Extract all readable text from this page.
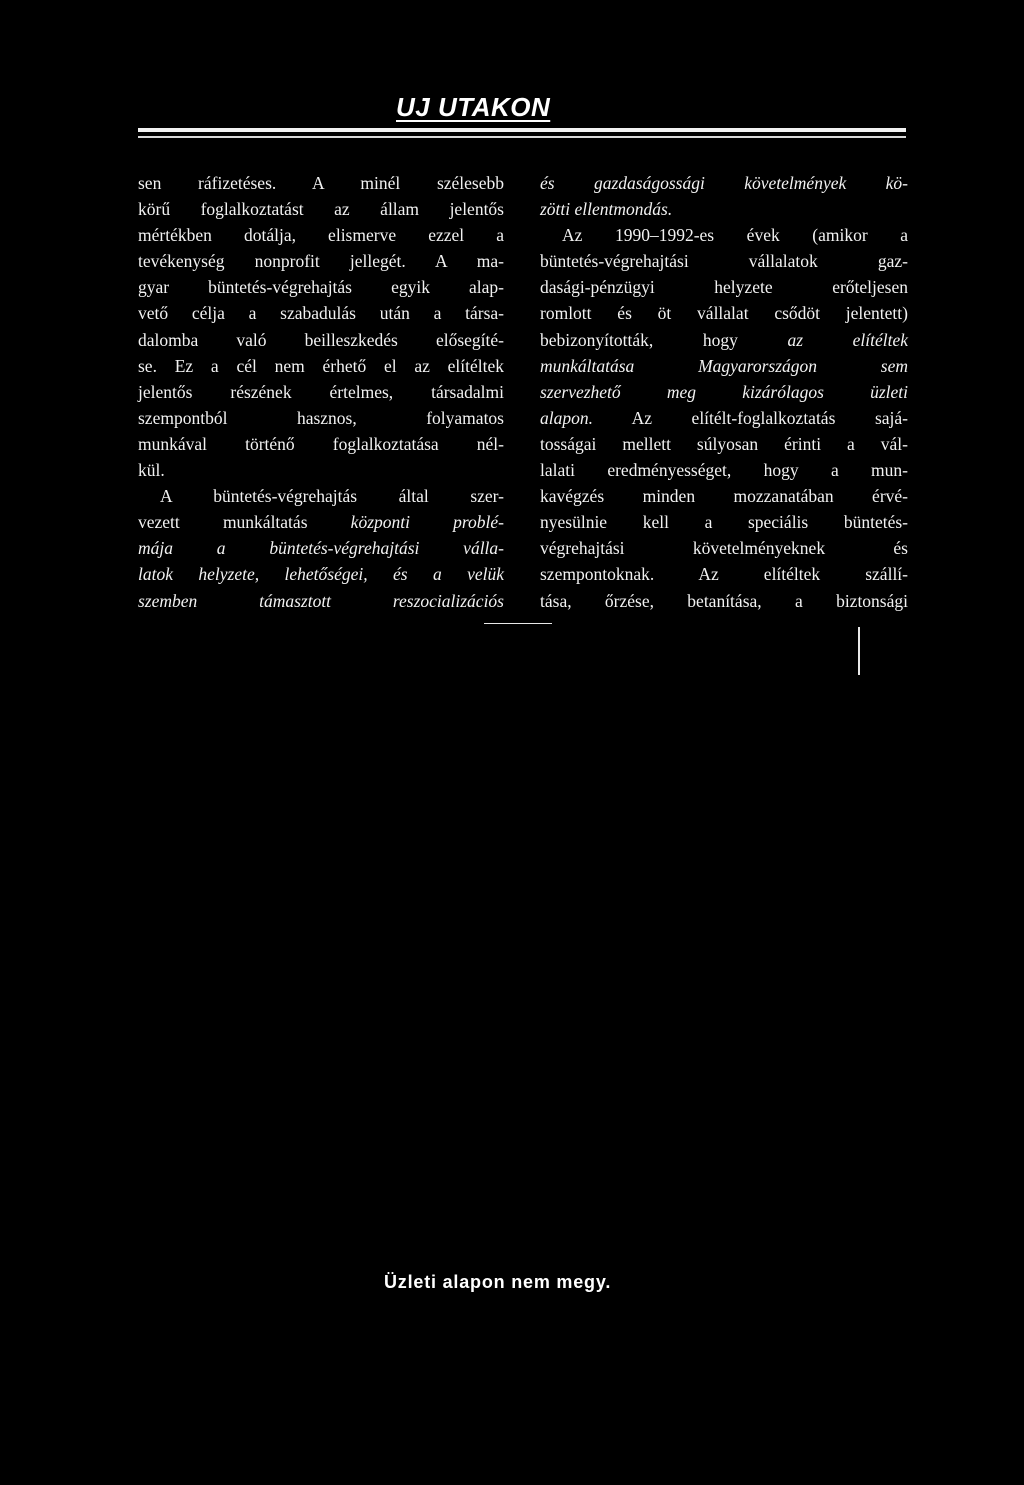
UJ UTAKON
sen ráfizetéses. A minél szélesebb
körű foglalkoztatást az állam jelentős
mértékben dotálja, elismerve ezzel a
tevékenység nonprofit jellegét. A ma-
gyar büntetés-végrehajtás egyik alap-
vető célja a szabadulás után a társa-
dalomba való beilleszkedés elősegíté-
se. Ez a cél nem érhető el az elítéltek
jelentős részének értelmes, társadalmi
szempontból hasznos, folyamatos
munkával történő foglalkoztatása nél-
kül.
A büntetés-végrehajtás által szer-
vezett munkáltatás központi problé-
mája a büntetés-végrehajtási válla-
latok helyzete, lehetőségei, és a velük
szemben támasztott reszocializációs
és gazdaságossági követelmények kö-
zötti ellentmondás.
Az 1990–1992-es évek (amikor a
büntetés-végrehajtási vállalatok gaz-
dasági-pénzügyi helyzete erőteljesen
romlott és öt vállalat csődöt jelentett)
bebizonyították, hogy	az elítéltek
munkáltatása Magyarországon sem
szervezhető meg kizárólagos üzleti
alapon. Az elítélt-foglalkoztatás sajá-
tosságai mellett súlyosan érinti a vál-
lalati eredményességet, hogy a mun-
kavégzés minden mozzanatában érvé-
nyesülnie kell a speciális büntetés-
végrehajtási követelményeknek és
szempontoknak. Az elítéltek szállí-
tása, őrzése, betanítása, a biztonsági
Üzleti alapon nem megy.
